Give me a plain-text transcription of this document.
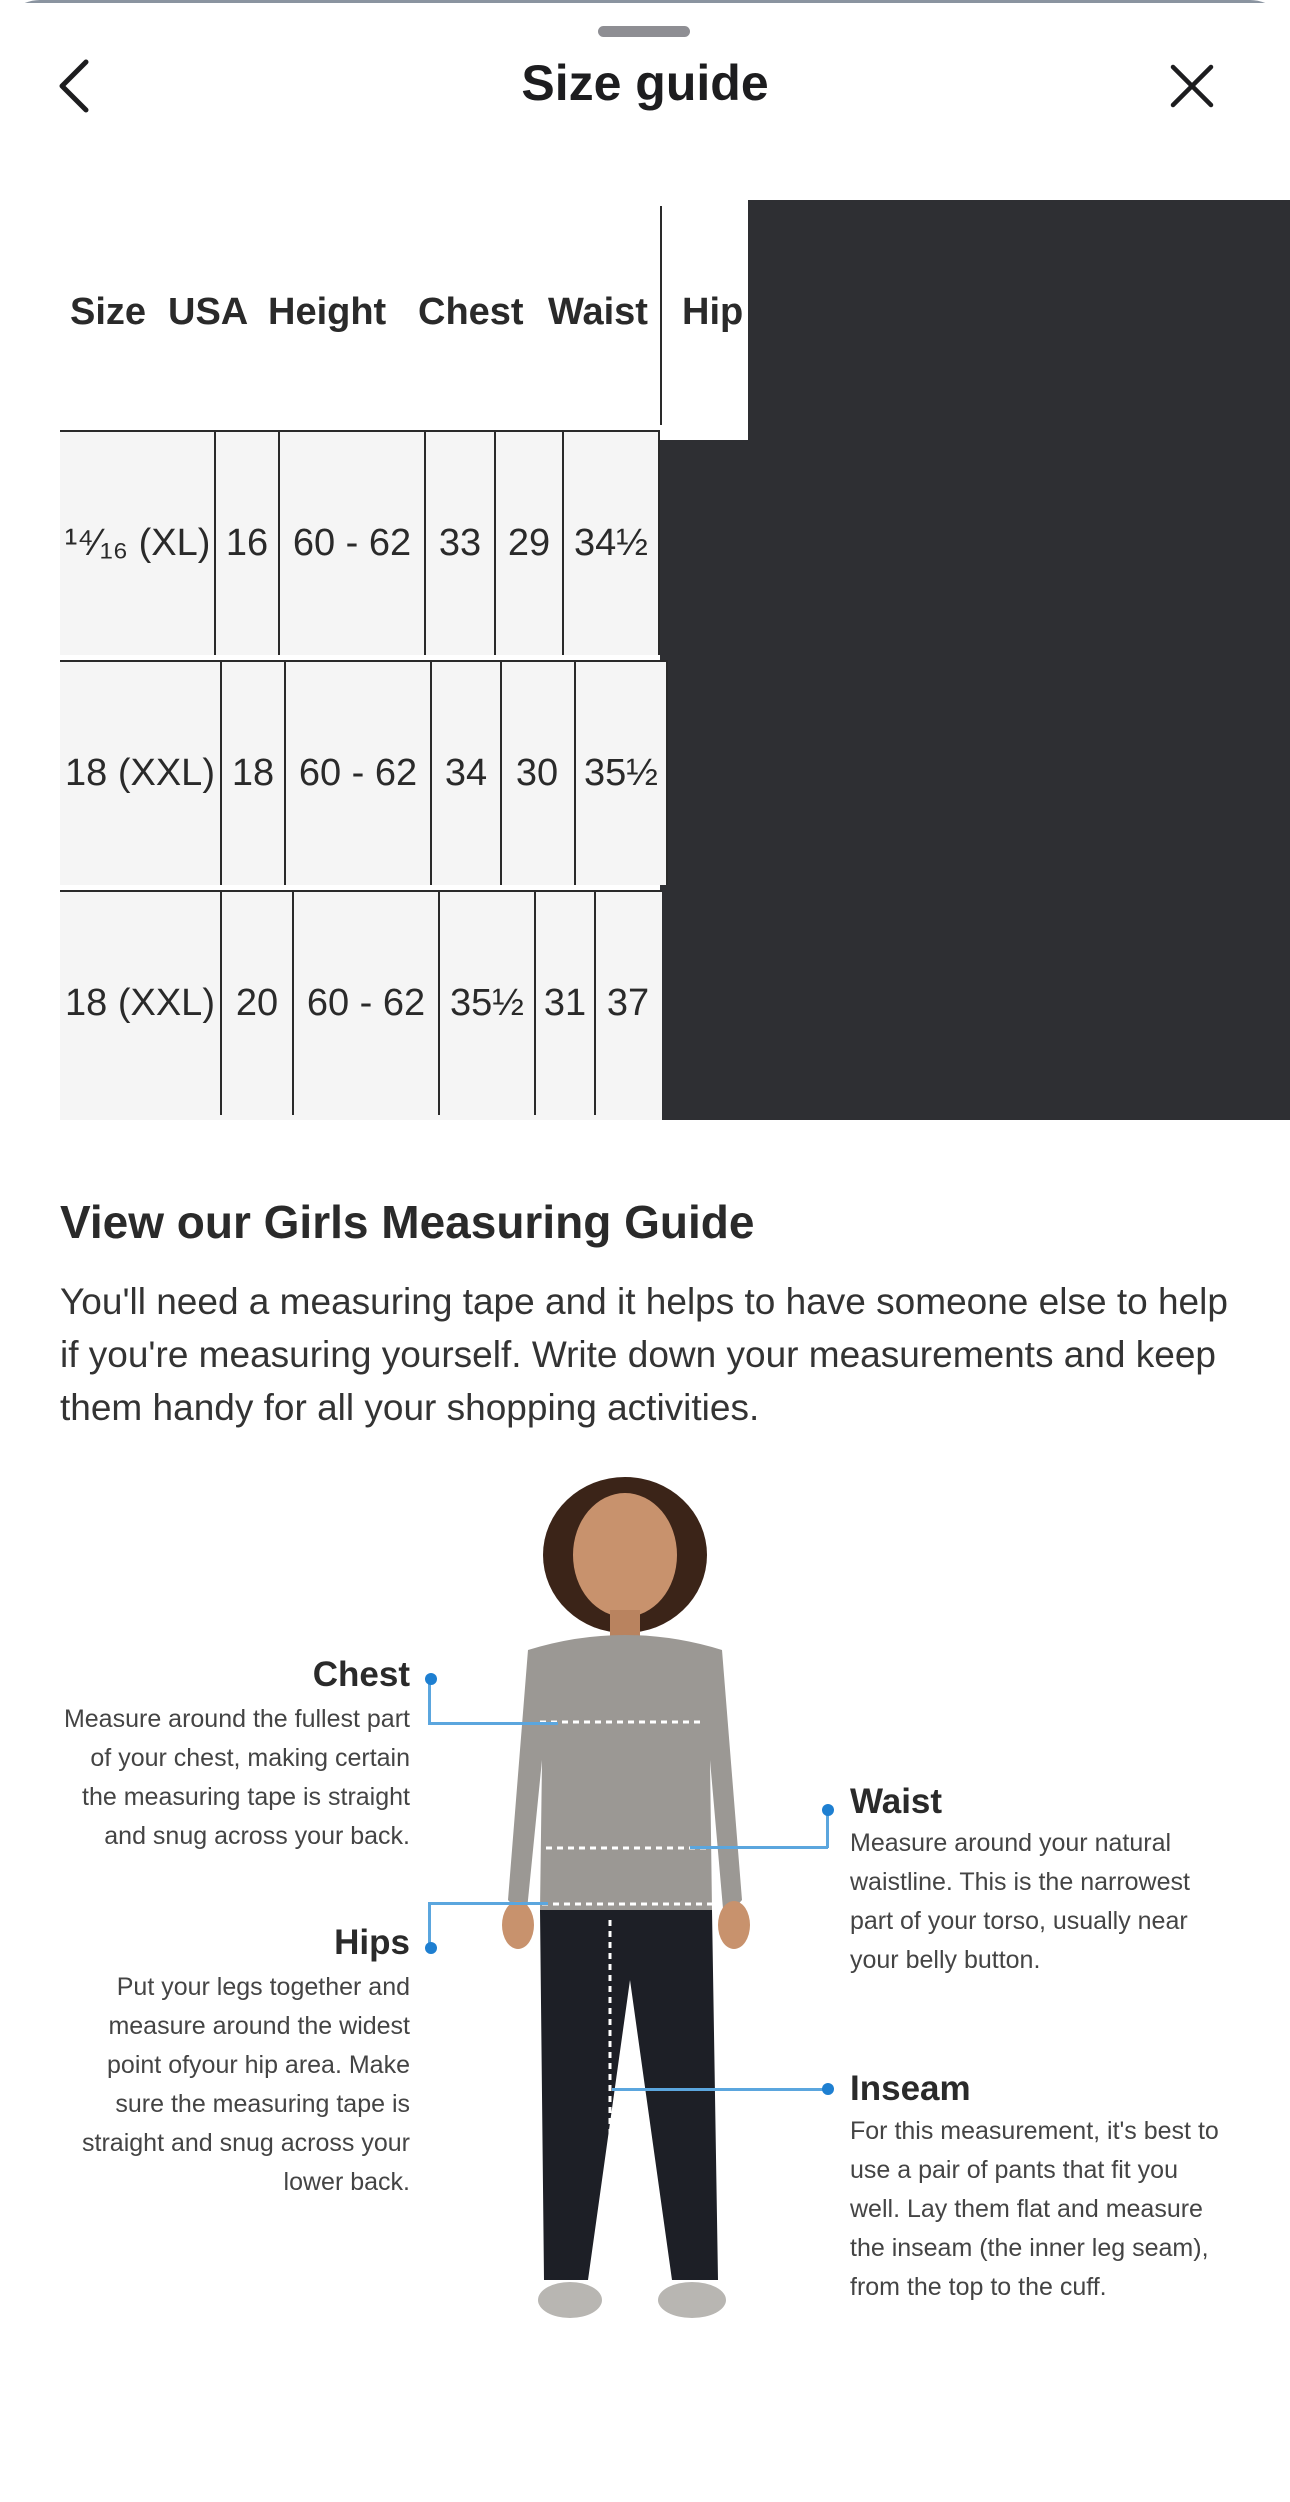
Size guide
Size USA Height Chest Waist Hip
¹⁴⁄₁₆ (XL) 16 60 - 62 33 29 34½
18 (XXL) 18 60 - 62 34 30 35½
18 (XXL) 20 60 - 62 35½ 31 37
View our Girls Measuring Guide
You'll need a measuring tape and it helps to have someone else to help if you're measuring yourself. Write down your measurements and keep them handy for all your shopping activities.
Chest
Measure around the fullest part of your chest, making certain the measuring tape is straight and snug across your back.
Waist
Measure around your natural waistline. This is the narrowest part of your torso, usually near your belly button.
Hips
Put your legs together and measure around the widest point ofyour hip area. Make sure the measuring tape is straight and snug across your lower back.
Inseam
For this measurement, it's best to use a pair of pants that fit you well. Lay them flat and measure the inseam (the inner leg seam), from the top to the cuff.
